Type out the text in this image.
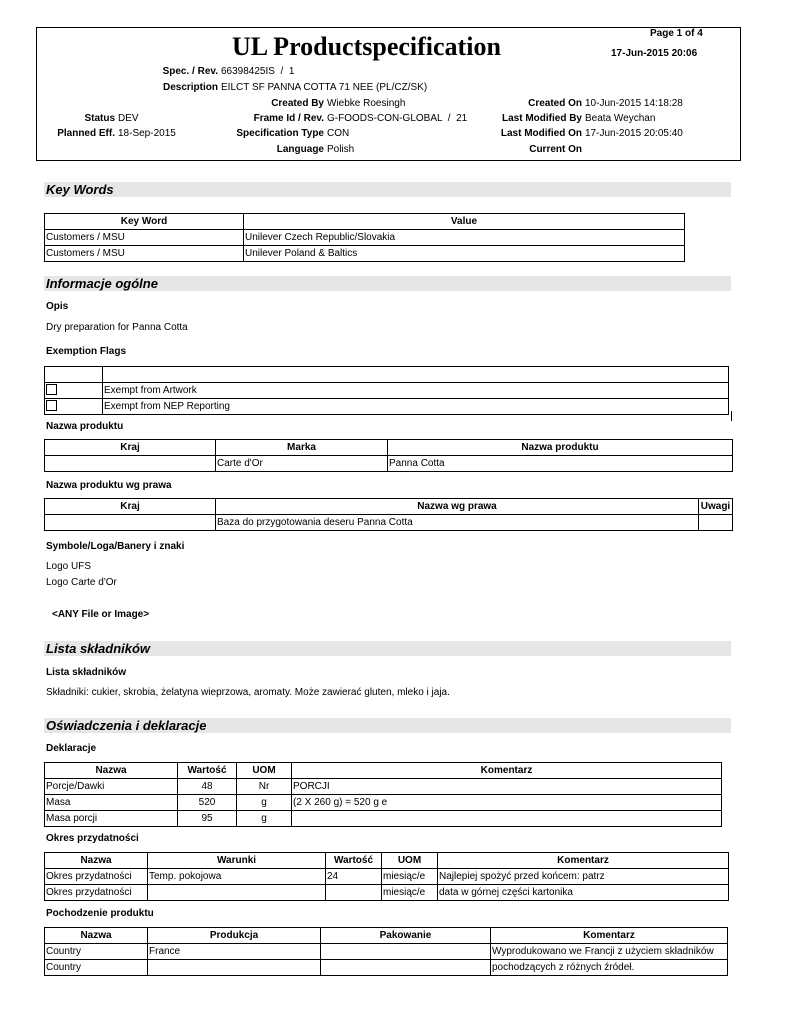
UL Productspecification	Page 1 of 4
17-Jun-2015 20:06
Spec. / Rev. 66398425IS  /  1
Description EILCT SF PANNA COTTA 71 NEE (PL/CZ/SK)
Created By Wiebke Roesingh	Created On 10-Jun-2015 14:18:28
Status DEV	Frame Id / Rev. G-FOODS-CON-GLOBAL  /  21	Last Modified By Beata Weychan
Planned Eff. 18-Sep-2015	Specification Type CON	Last Modified On 17-Jun-2015 20:05:40
Language Polish	Current On
Key Words
Key Word	Value
Customers / MSU	Unilever Czech Republic/Slovakia
Customers / MSU	Unilever Poland & Baltics
Informacje ogólne
Opis
Dry preparation for Panna Cotta
Exemption Flags

	Exempt from Artwork
	Exempt from NEP Reporting
Nazwa produktu
Kraj	Marka	Nazwa produktu
	Carte d'Or	Panna Cotta
Nazwa produktu wg prawa
Kraj	Nazwa wg prawa	Uwagi
	Baza do przygotowania deseru Panna Cotta	
Symbole/Loga/Banery i znaki
Logo UFS
Logo Carte d'Or
<ANY File or Image>
Lista składników
Lista składników
Składniki: cukier, skrobia, żelatyna wieprzowa, aromaty. Może zawierać gluten, mleko i jaja.
Oświadczenia i deklaracje
Deklaracje
Nazwa	Wartość	UOM	Komentarz
Porcje/Dawki	48	Nr	PORCJI
Masa	520	g	(2 X 260 g) = 520 g e
Masa porcji	95	g	
Okres przydatności
Nazwa	Warunki	Wartość	UOM	Komentarz
Okres przydatności	Temp. pokojowa	24	miesiąc/e	Najlepiej spożyć przed końcem: patrz
Okres przydatności			miesiąc/e	data w górnej części kartonika
Pochodzenie produktu
Nazwa	Produkcja	Pakowanie	Komentarz
Country	France		Wyprodukowano we Francji z użyciem składników
Country			pochodzących z różnych źródeł.
